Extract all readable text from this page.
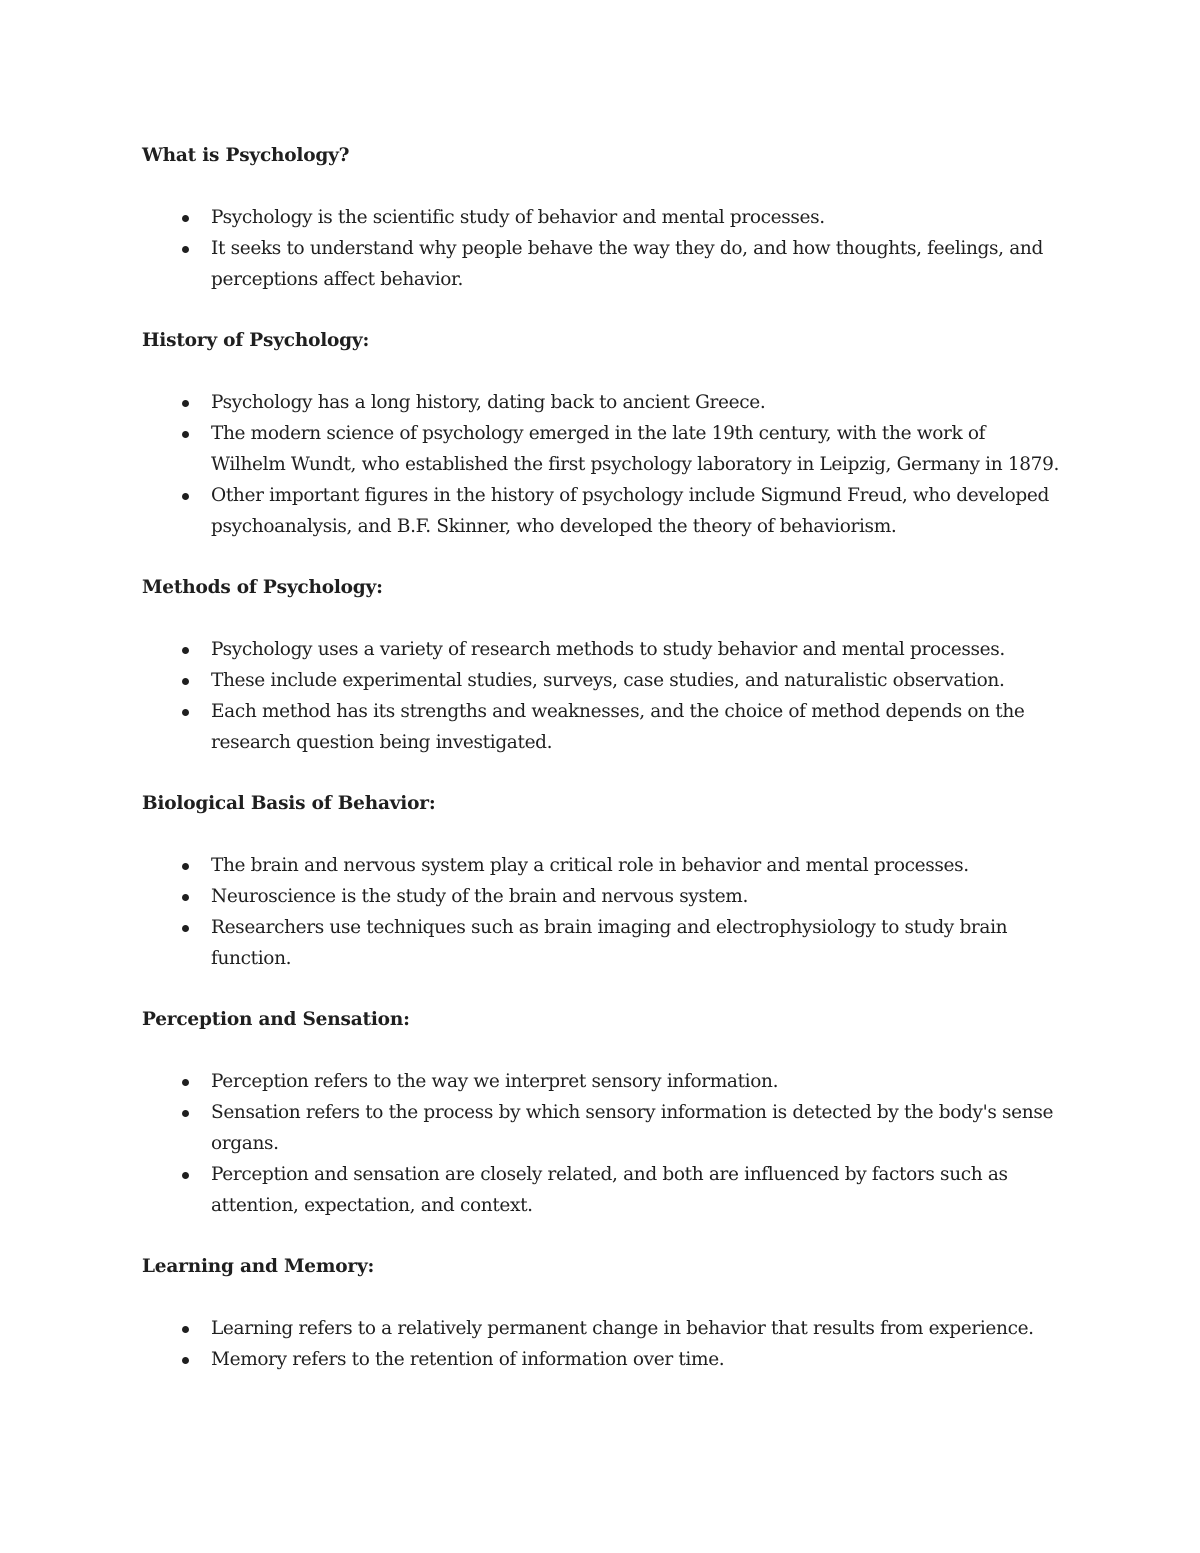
What is Psychology?
Psychology is the scientific study of behavior and mental processes.
It seeks to understand why people behave the way they do, and how thoughts, feelings, and perceptions affect behavior.
History of Psychology:
Psychology has a long history, dating back to ancient Greece.
The modern science of psychology emerged in the late 19th century, with the work of Wilhelm Wundt, who established the first psychology laboratory in Leipzig, Germany in 1879.
Other important figures in the history of psychology include Sigmund Freud, who developed psychoanalysis, and B.F. Skinner, who developed the theory of behaviorism.
Methods of Psychology:
Psychology uses a variety of research methods to study behavior and mental processes.
These include experimental studies, surveys, case studies, and naturalistic observation.
Each method has its strengths and weaknesses, and the choice of method depends on the research question being investigated.
Biological Basis of Behavior:
The brain and nervous system play a critical role in behavior and mental processes.
Neuroscience is the study of the brain and nervous system.
Researchers use techniques such as brain imaging and electrophysiology to study brain function.
Perception and Sensation:
Perception refers to the way we interpret sensory information.
Sensation refers to the process by which sensory information is detected by the body's sense organs.
Perception and sensation are closely related, and both are influenced by factors such as attention, expectation, and context.
Learning and Memory:
Learning refers to a relatively permanent change in behavior that results from experience.
Memory refers to the retention of information over time.
